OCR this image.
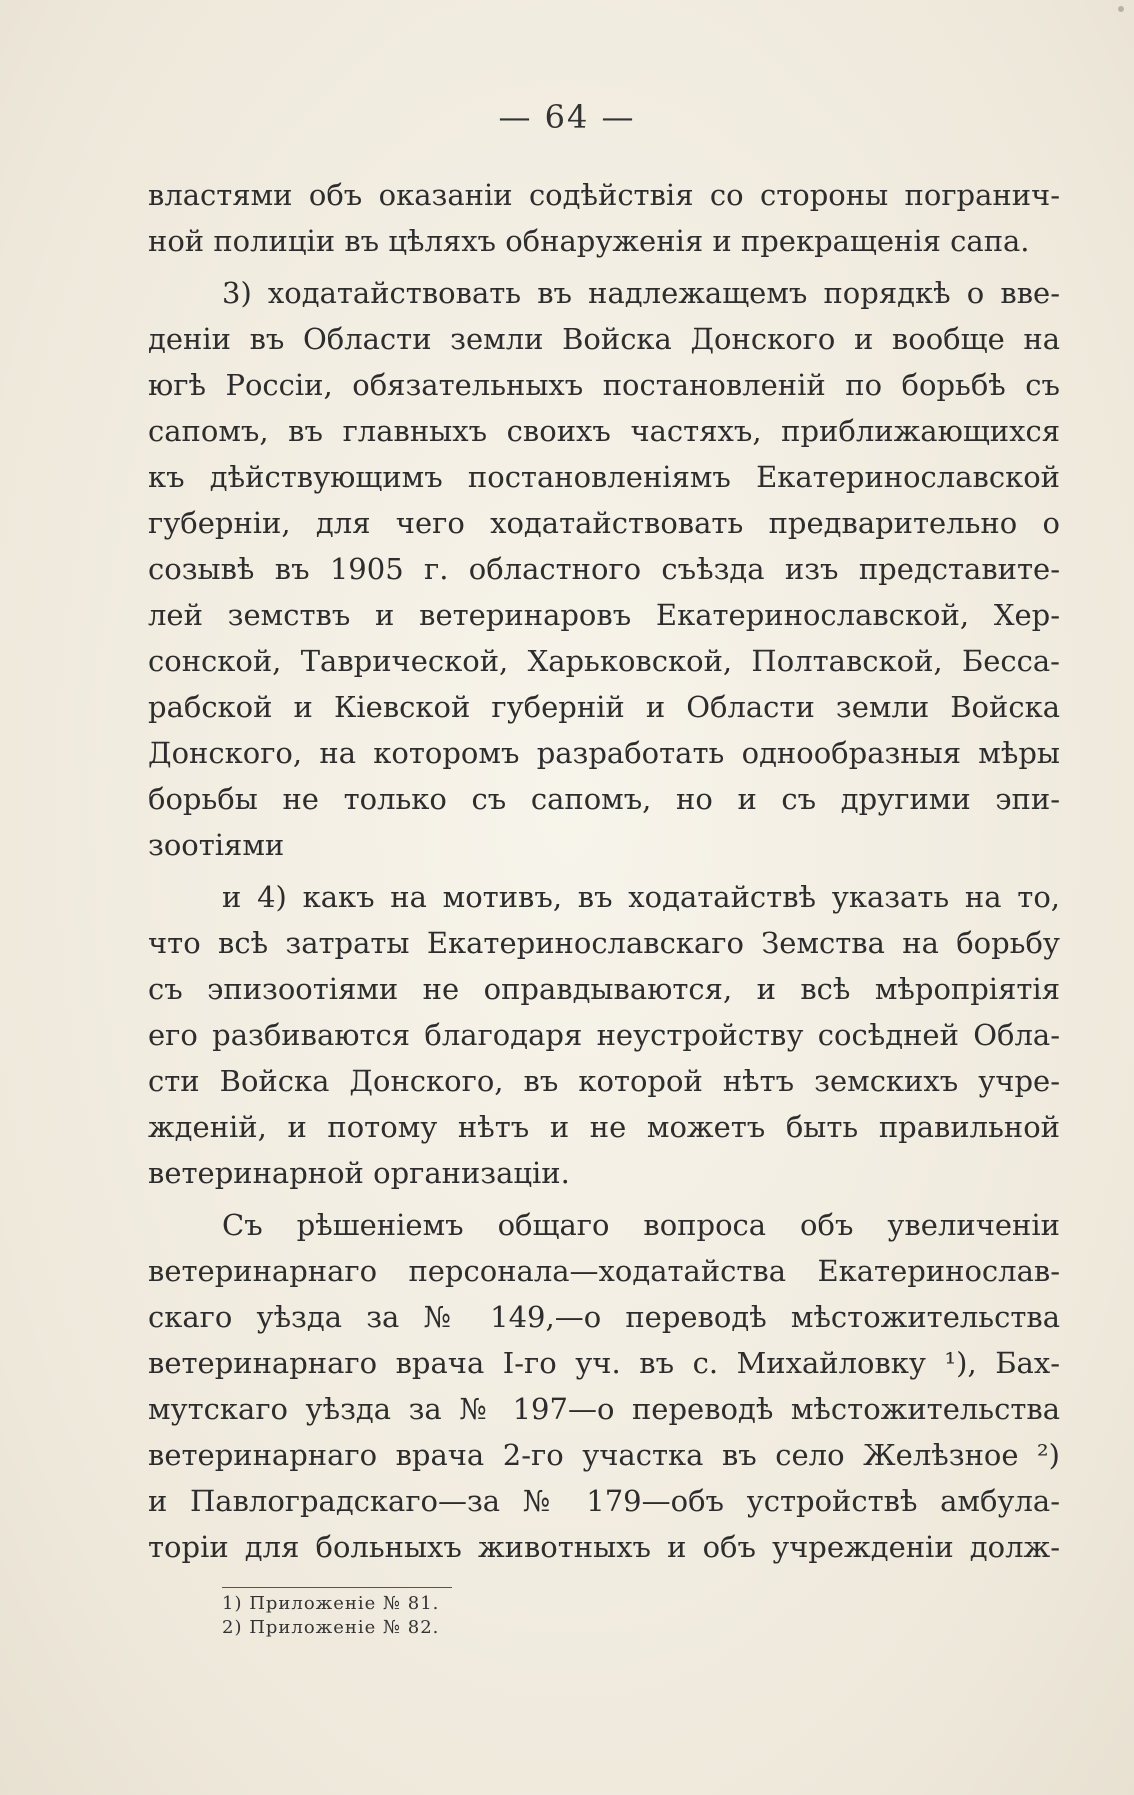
— 64 —
властями объ оказанiи содѣйствiя со стороны погранич-
ной полицiи въ цѣляхъ обнаруженiя и прекращенiя сапа.
3) ходатайствовать въ надлежащемъ порядкѣ о вве-
денiи въ Области земли Войска Донского и вообще на
югѣ Россiи, обязательныхъ постановленiй по борьбѣ съ
сапомъ, въ главныхъ своихъ частяхъ, приближающихся
къ дѣйствующимъ постановленiямъ Екатеринославской
губернiи, для чего ходатайствовать предварительно о
созывѣ въ 1905 г. областного съѣзда изъ представите-
лей земствъ и ветеринаровъ Екатеринославской, Хер-
сонской, Таврической, Харьковской, Полтавской, Бесса-
рабской и Кiевской губернiй и Области земли Войска
Донского, на которомъ разработать однообразныя мѣры
борьбы не только съ сапомъ, но и съ другими эпи-
зоотiями
и 4) какъ на мотивъ, въ ходатайствѣ указать на то,
что всѣ затраты Екатеринославскаго Земства на борьбу
съ эпизоотiями не оправдываются, и всѣ мѣропрiятiя
его разбиваются благодаря неустройству сосѣдней Обла-
сти Войска Донского, въ которой нѣтъ земскихъ учре-
жденiй, и потому нѣтъ и не можетъ быть правильной
ветеринарной организацiи.
Съ рѣшенiемъ общаго вопроса объ увеличенiи
ветеринарнаго персонала—ходатайства Екатеринослав-
скаго уѣзда за № 149,—о переводѣ мѣстожительства
ветеринарнаго врача I-го уч. въ с. Михайловку ¹), Бах-
мутскаго уѣзда за № 197—о переводѣ мѣстожительства
ветеринарнаго врача 2-го участка въ село Желѣзное ²)
и Павлоградскаго—за № 179—объ устройствѣ амбула-
торiи для больныхъ животныхъ и объ учрежденiи долж-
1) Приложенiе № 81.
2) Приложенiе № 82.
